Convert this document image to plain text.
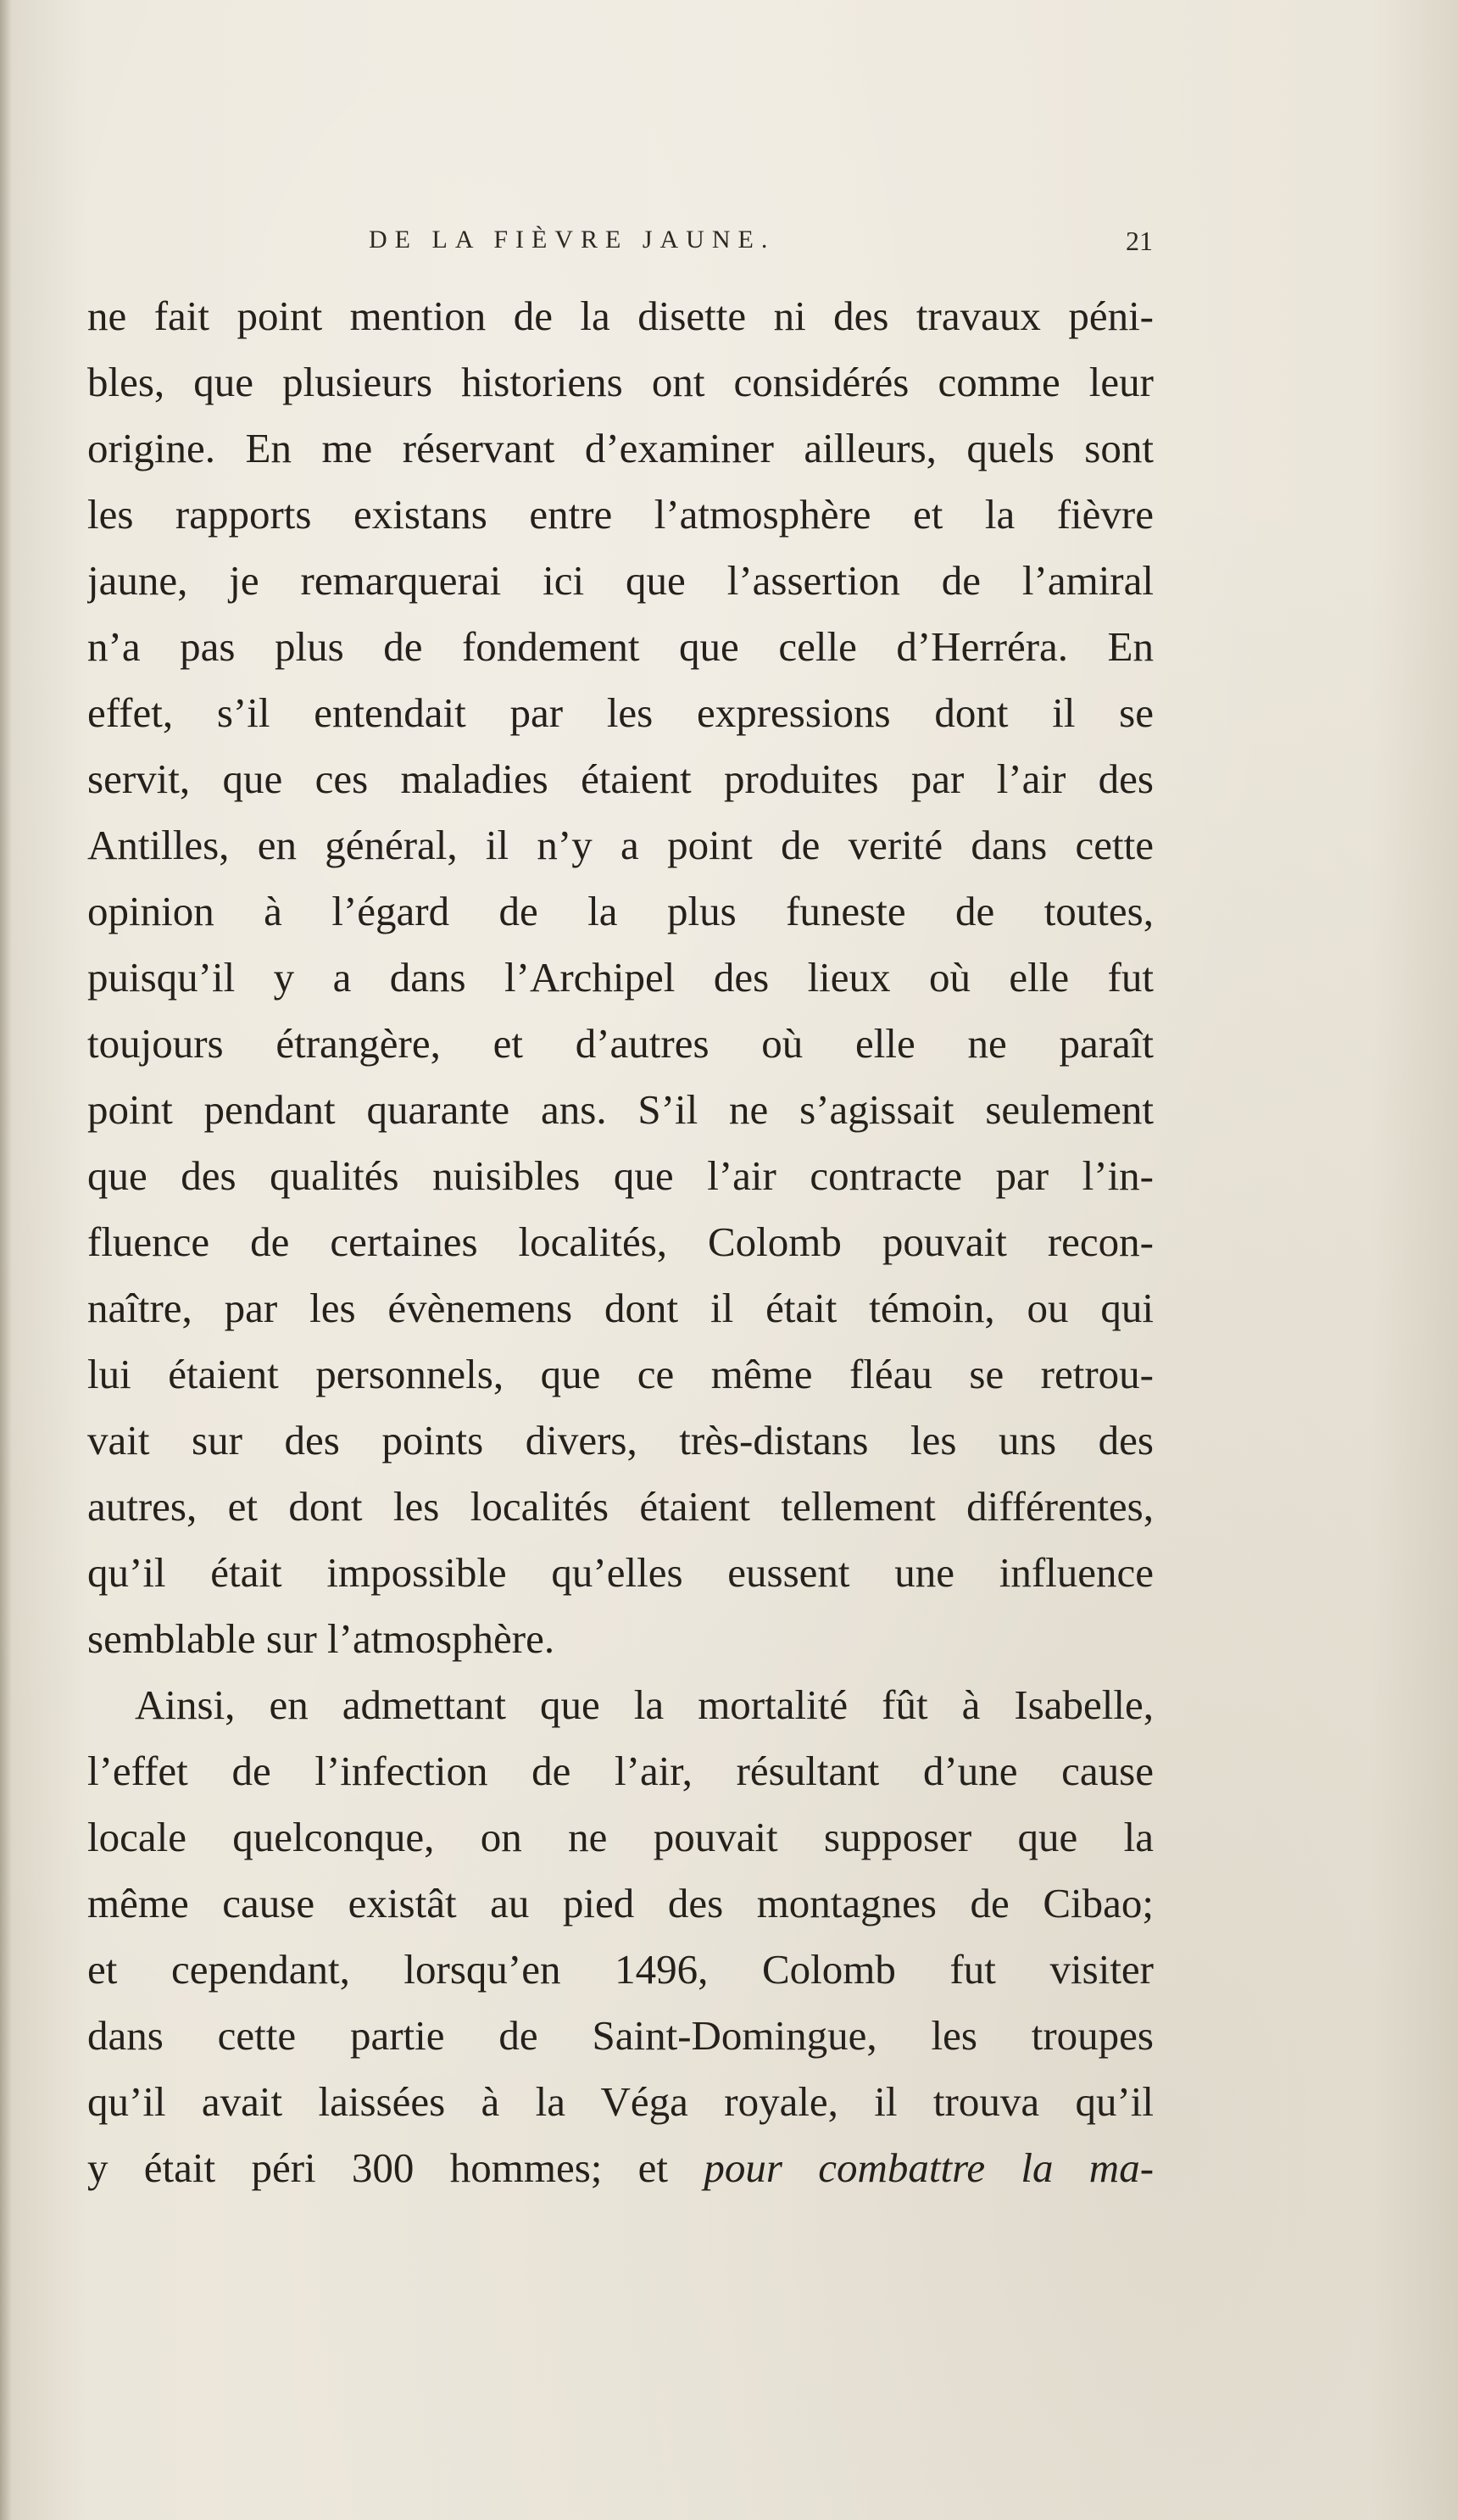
DE LA FIÈVRE JAUNE.	21
ne fait point mention de la disette ni des travaux péni-
bles, que plusieurs historiens ont considérés comme leur
origine. En me réservant d’examiner ailleurs, quels sont
les rapports existans entre l’atmosphère et la fièvre
jaune, je remarquerai ici que l’assertion de l’amiral
n’a pas plus de fondement que celle d’Herréra. En
effet, s’il entendait par les expressions dont il se
servit, que ces maladies étaient produites par l’air des
Antilles, en général, il n’y a point de verité dans cette
opinion à l’égard de la plus funeste de toutes,
puisqu’il y a dans l’Archipel des lieux où elle fut
toujours étrangère, et d’autres où elle ne paraît
point pendant quarante ans. S’il ne s’agissait seulement
que des qualités nuisibles que l’air contracte par l’in-
fluence de certaines localités, Colomb pouvait recon-
naître, par les évènemens dont il était témoin, ou qui
lui étaient personnels, que ce même fléau se retrou-
vait sur des points divers, très-distans les uns des
autres, et dont les localités étaient tellement différentes,
qu’il était impossible qu’elles eussent une influence
semblable sur l’atmosphère.
Ainsi, en admettant que la mortalité fût à Isabelle,
l’effet de l’infection de l’air, résultant d’une cause
locale quelconque, on ne pouvait supposer que la
même cause existât au pied des montagnes de Cibao;
et cependant, lorsqu’en 1496, Colomb fut visiter
dans cette partie de Saint-Domingue, les troupes
qu’il avait laissées à la Véga royale, il trouva qu’il
y était péri 300 hommes; et pour combattre la ma-
